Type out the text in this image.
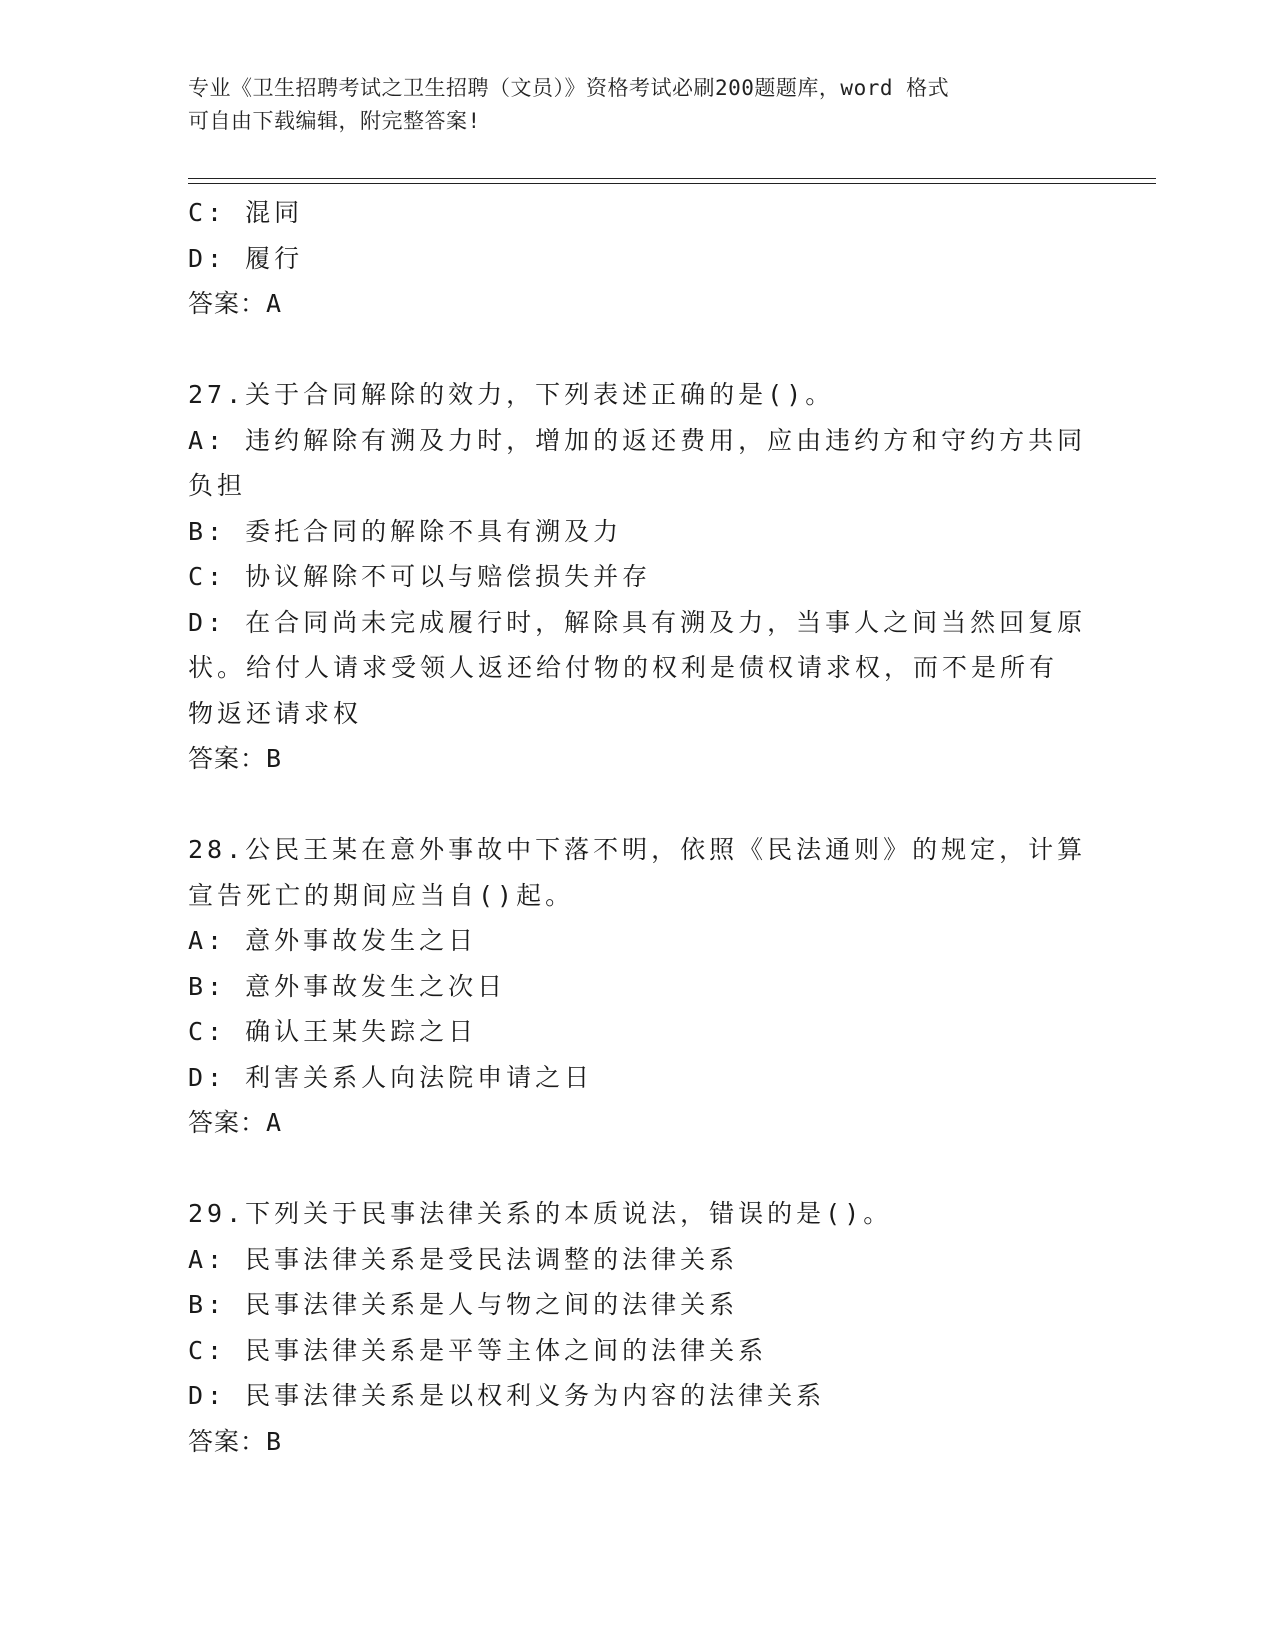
专业《卫生招聘考试之卫生招聘（文员）》资格考试必刷200题题库，word 格式
可自由下载编辑，附完整答案!
C: 混同
D: 履行
答案：A
27.关于合同解除的效力，下列表述正确的是()。
A: 违约解除有溯及力时，增加的返还费用，应由违约方和守约方共同
负担
B: 委托合同的解除不具有溯及力
C: 协议解除不可以与赔偿损失并存
D: 在合同尚未完成履行时，解除具有溯及力，当事人之间当然回复原
状。给付人请求受领人返还给付物的权利是债权请求权，而不是所有
物返还请求权
答案：B
28.公民王某在意外事故中下落不明，依照《民法通则》的规定，计算
宣告死亡的期间应当自()起。
A: 意外事故发生之日
B: 意外事故发生之次日
C: 确认王某失踪之日
D: 利害关系人向法院申请之日
答案：A
29.下列关于民事法律关系的本质说法，错误的是()。
A: 民事法律关系是受民法调整的法律关系
B: 民事法律关系是人与物之间的法律关系
C: 民事法律关系是平等主体之间的法律关系
D: 民事法律关系是以权利义务为内容的法律关系
答案：B
